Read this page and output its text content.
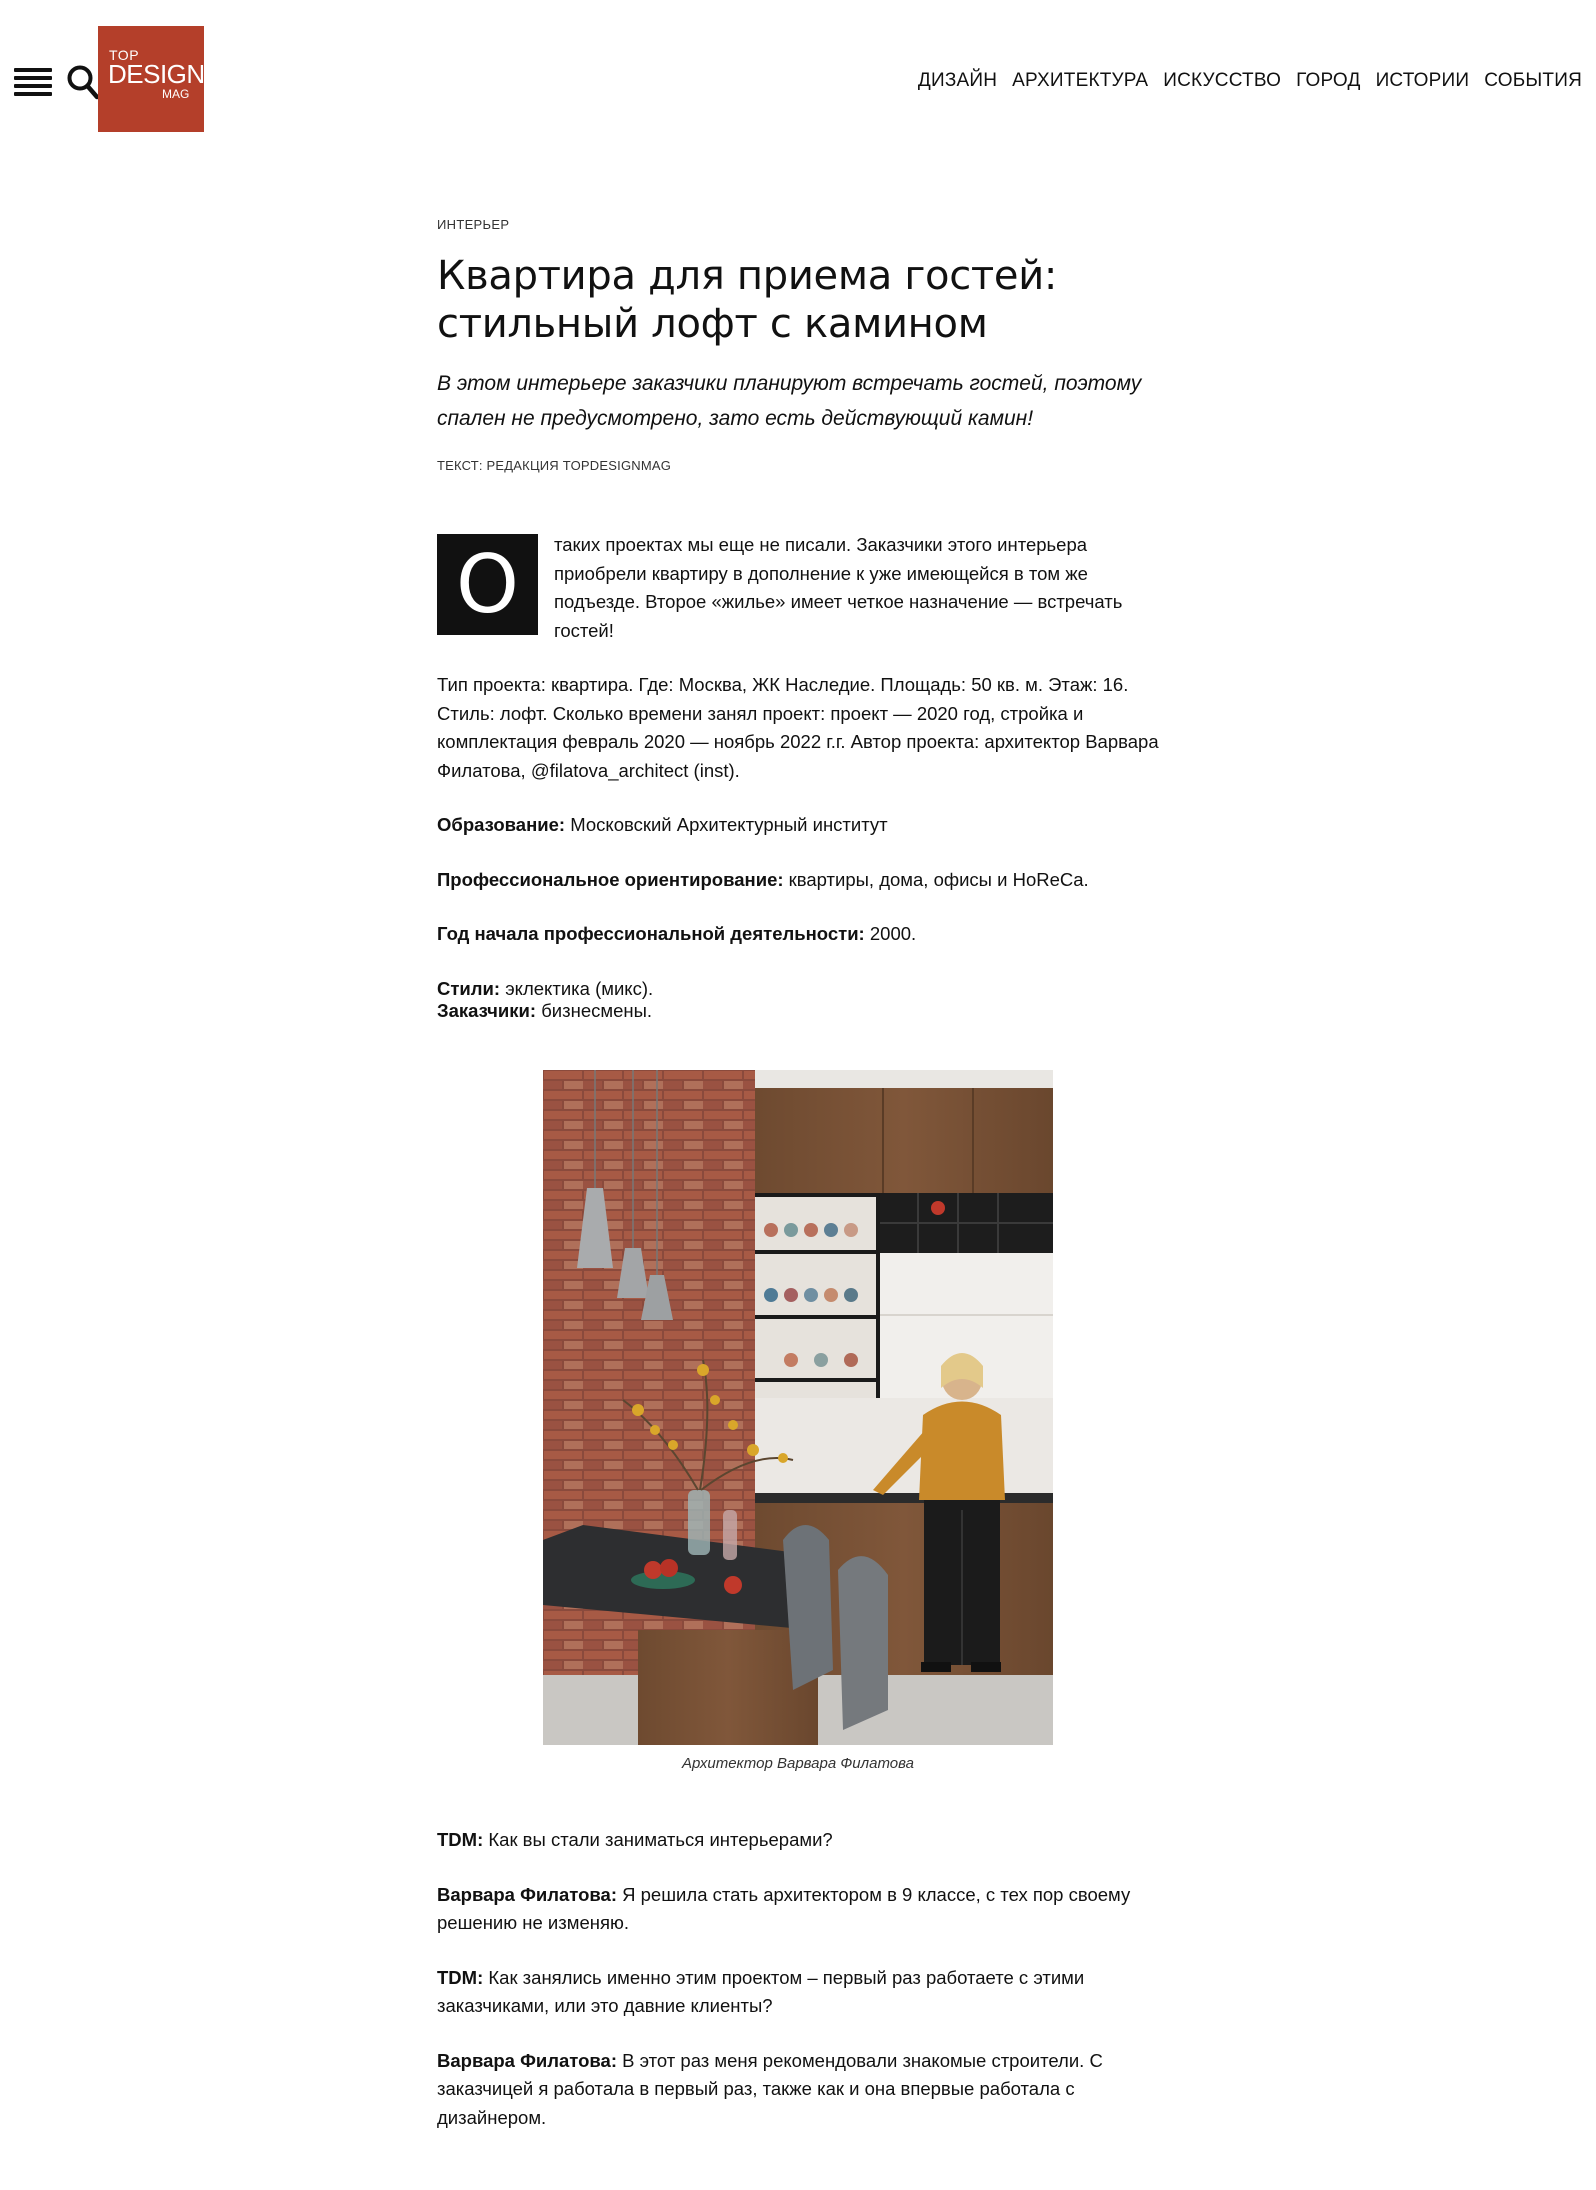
TOP
DESIGN
MAG
ДИЗАЙН АРХИТЕКТУРА ИСКУССТВО ГОРОД ИСТОРИИ СОБЫТИЯ
ИНТЕРЬЕР
Квартира для приема гостей:
стильный лофт с камином

В этом интерьере заказчики планируют встречать гостей, поэтому спален не предусмотрено, зато есть действующий камин!

ТЕКСТ: РЕДАКЦИЯ TOPDESIGNMAG
О	таких проектах мы еще не писали. Заказчики этого интерьера приобрели квартиру в дополнение к уже имеющейся в том же подъезде. Второе «жилье» имеет четкое назначение — встречать гостей!

Тип проекта: квартира. Где: Москва, ЖК Наследие. Площадь: 50 кв. м. Этаж: 16. Стиль: лофт. Сколько времени занял проект: проект — 2020 год, стройка и комплектация февраль 2020 — ноябрь 2022 г.г. Автор проекта: архитектор Варвара Филатова, @filatova_architect (inst).

Образование: Московский Архитектурный институт

Профессиональное ориентирование: квартиры, дома, офисы и HoReCa.

Год начала профессиональной деятельности: 2000.

Стили: эклектика (микс).

Заказчики: бизнесмены.

Архитектор Варвара Филатова

TDM: Как вы стали заниматься интерьерами?

Варвара Филатова: Я решила стать архитектором в 9 классе, с тех пор своему решению не изменяю.

TDM: Как занялись именно этим проектом – первый раз работаете с этими заказчиками, или это давние клиенты?

Варвара Филатова: В этот раз меня рекомендовали знакомые строители. С заказчицей я работала в первый раз, также как и она впервые работала с дизайнером.
